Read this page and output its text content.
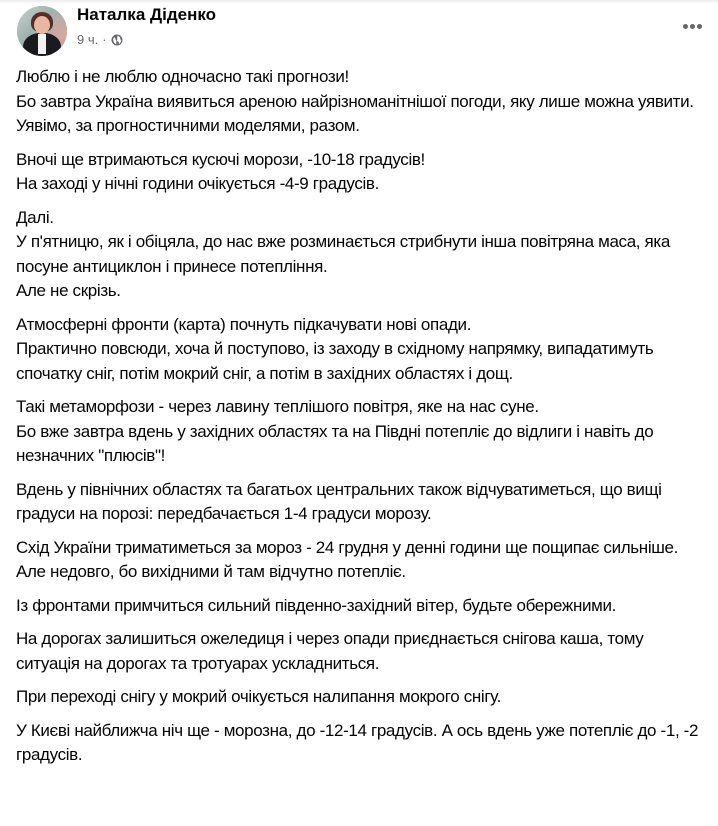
Наталка Діденко
9 ч. ·

Люблю і не люблю одночасно такі прогнози!
Бо завтра Україна виявиться ареною найрізноманітнішої погоди, яку лише можна уявити.
Уявімо, за прогностичними моделями, разом.

Вночі ще втримаються кусючі морози, -10-18 градусів!
На заході у нічні години очікується -4-9 градусів.

Далі.
У п'ятницю, як і обіцяла, до нас вже розминається стрибнути інша повітряна маса, яка посуне антициклон і принесе потепління.
Але не скрізь.

Атмосферні фронти (карта) почнуть підкачувати нові опади.
Практично повсюди, хоча й поступово, із заходу в східному напрямку, випадатимуть спочатку сніг, потім мокрий сніг, а потім в західних областях і дощ.

Такі метаморфози - через лавину теплішого повітря, яке на нас суне.
Бо вже завтра вдень у західних областях та на Півдні потепліє до відлиги і навіть до незначних "плюсів"!

Вдень у північних областях та багатьох центральних також відчуватиметься, що вищі градуси на порозі: передбачається 1-4 градуси морозу.

Схід України триматиметься за мороз - 24 грудня у денні години ще пощипає сильніше. Але недовго, бо вихідними й там відчутно потепліє.

Із фронтами примчиться сильний південно-західний вітер, будьте обережними.

На дорогах залишиться ожеледиця і через опади приєднається снігова каша, тому ситуація на дорогах та тротуарах ускладниться.

При переході снігу у мокрий очікується налипання мокрого снігу.

У Києві найближча ніч ще - морозна, до -12-14 градусів. А ось вдень уже потепліє до -1, -2 градусів.
